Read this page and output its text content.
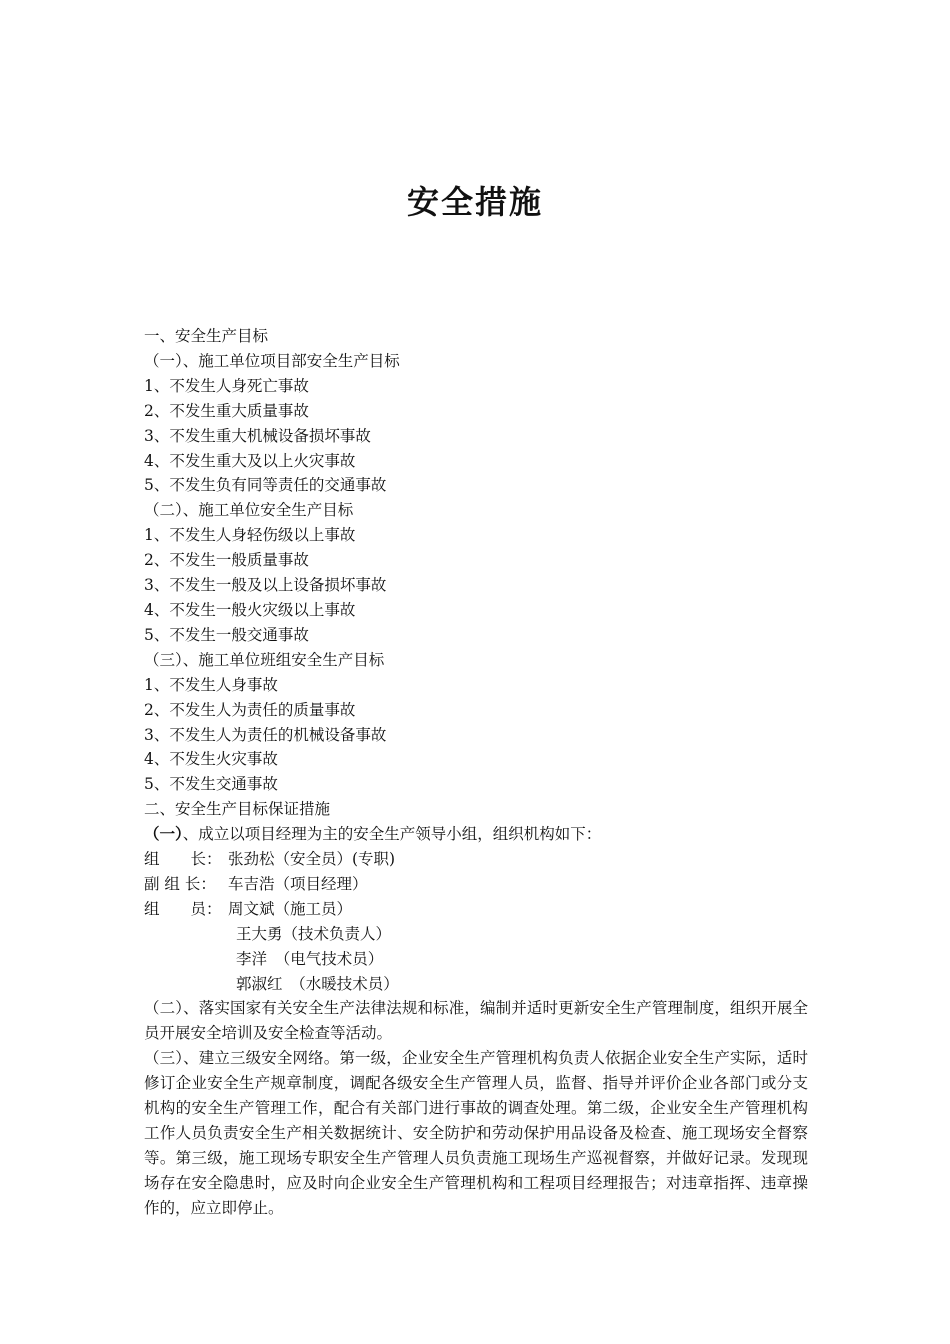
安全措施
一、安全生产目标
（一）、施工单位项目部安全生产目标
1、不发生人身死亡事故
2、不发生重大质量事故
3、不发生重大机械设备损坏事故
4、不发生重大及以上火灾事故
5、不发生负有同等责任的交通事故
（二）、施工单位安全生产目标
1、不发生人身轻伤级以上事故
2、不发生一般质量事故
3、不发生一般及以上设备损坏事故
4、不发生一般火灾级以上事故
5、不发生一般交通事故
（三）、施工单位班组安全生产目标
1、不发生人身事故
2、不发生人为责任的质量事故
3、不发生人为责任的机械设备事故
4、不发生火灾事故
5、不发生交通事故
二、安全生产目标保证措施
（一）、成立以项目经理为主的安全生产领导小组，组织机构如下：
组　　长： 张劲松（安全员）(专职)
副 组 长： 车吉浩（项目经理）
组　　员： 周文斌（施工员）
王大勇（技术负责人）
李洋　（电气技术员）
郭淑红　（水暖技术员）
（二）、落实国家有关安全生产法律法规和标准，编制并适时更新安全生产管理制度，组织开展全员开展安全培训及安全检查等活动。
（三）、建立三级安全网络。第一级，企业安全生产管理机构负责人依据企业安全生产实际，适时修订企业安全生产规章制度，调配各级安全生产管理人员，监督、指导并评价企业各部门或分支机构的安全生产管理工作，配合有关部门进行事故的调查处理。第二级，企业安全生产管理机构工作人员负责安全生产相关数据统计、安全防护和劳动保护用品设备及检查、施工现场安全督察等。第三级，施工现场专职安全生产管理人员负责施工现场生产巡视督察，并做好记录。发现现场存在安全隐患时，应及时向企业安全生产管理机构和工程项目经理报告；对违章指挥、违章操作的，应立即停止。
